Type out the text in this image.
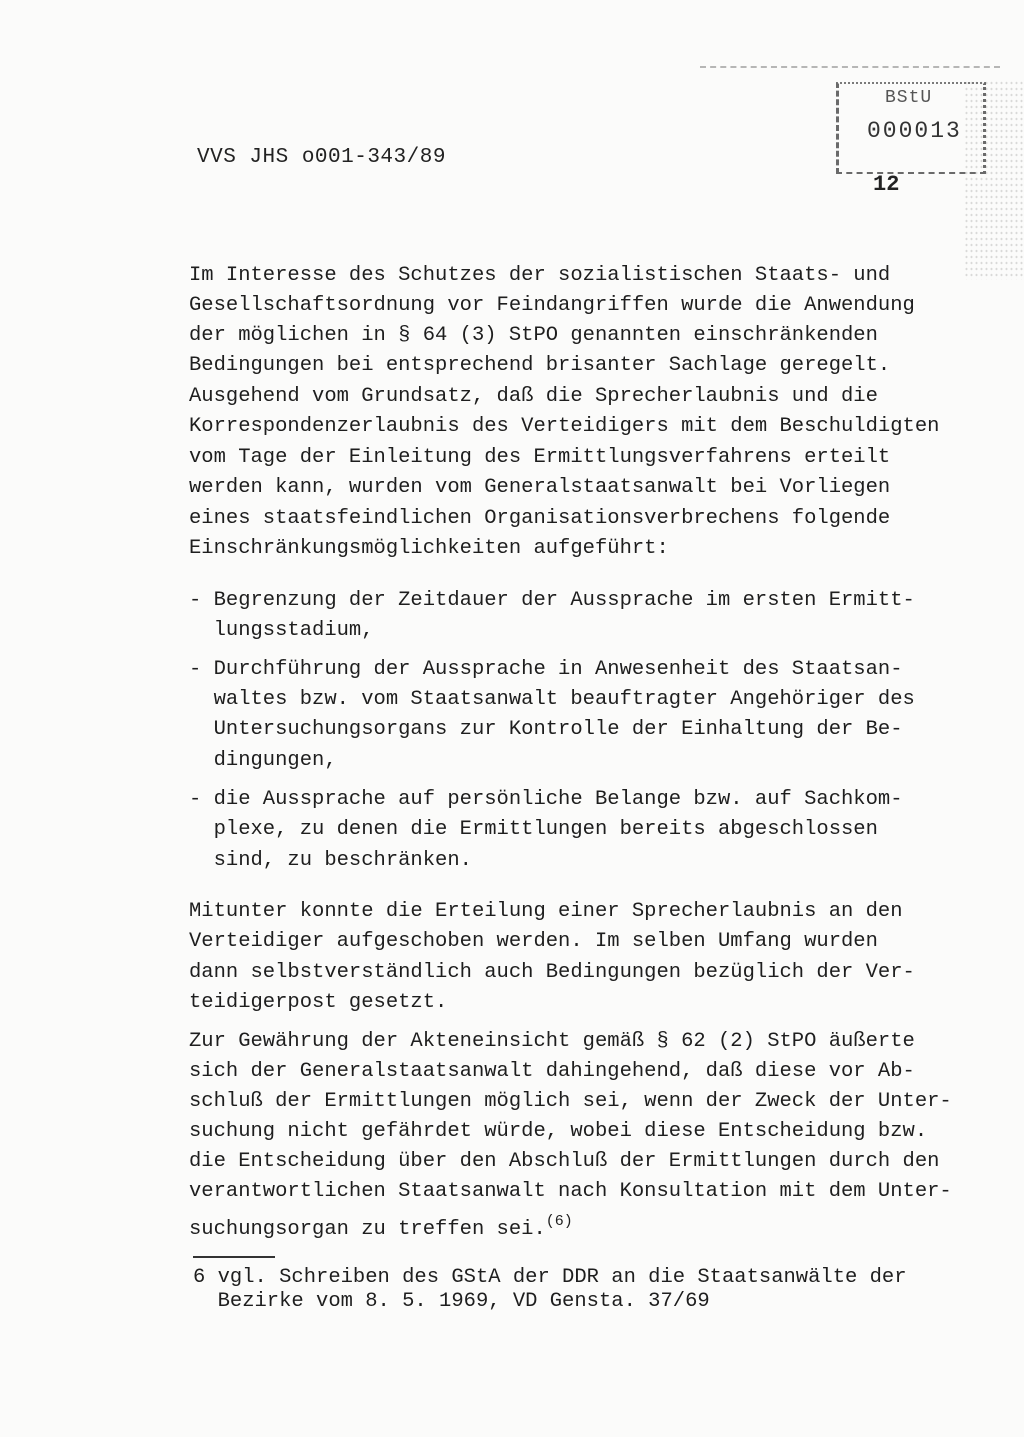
BStU
000013
VVS JHS o001-343/89
12
Im Interesse des Schutzes der sozialistischen Staats- und
Gesellschaftsordnung vor Feindangriffen wurde die Anwendung
der möglichen in § 64 (3) StPO genannten einschränkenden
Bedingungen bei entsprechend brisanter Sachlage geregelt.
Ausgehend vom Grundsatz, daß die Sprecherlaubnis und die
Korrespondenzerlaubnis des Verteidigers mit dem Beschuldigten
vom Tage der Einleitung des Ermittlungsverfahrens erteilt
werden kann, wurden vom Generalstaatsanwalt bei Vorliegen
eines staatsfeindlichen Organisationsverbrechens folgende
Einschränkungsmöglichkeiten aufgeführt:
- Begrenzung der Zeitdauer der Aussprache im ersten Ermitt-
lungsstadium,
- Durchführung der Aussprache in Anwesenheit des Staatsan-
waltes bzw. vom Staatsanwalt beauftragter Angehöriger des
Untersuchungsorgans zur Kontrolle der Einhaltung der Be-
dingungen,
- die Aussprache auf persönliche Belange bzw. auf Sachkom-
plexe, zu denen die Ermittlungen bereits abgeschlossen
sind, zu beschränken.
Mitunter konnte die Erteilung einer Sprecherlaubnis an den
Verteidiger aufgeschoben werden. Im selben Umfang wurden
dann selbstverständlich auch Bedingungen bezüglich der Ver-
teidigerpost gesetzt.
Zur Gewährung der Akteneinsicht gemäß § 62 (2) StPO äußerte
sich der Generalstaatsanwalt dahingehend, daß diese vor Ab-
schluß der Ermittlungen möglich sei, wenn der Zweck der Unter-
suchung nicht gefährdet würde, wobei diese Entscheidung bzw.
die Entscheidung über den Abschluß der Ermittlungen durch den
verantwortlichen Staatsanwalt nach Konsultation mit dem Unter-
suchungsorgan zu treffen sei.$^{(6)}$
6 vgl. Schreiben des GStA der DDR an die Staatsanwälte der
Bezirke vom 8. 5. 1969, VD Gensta. 37/69
